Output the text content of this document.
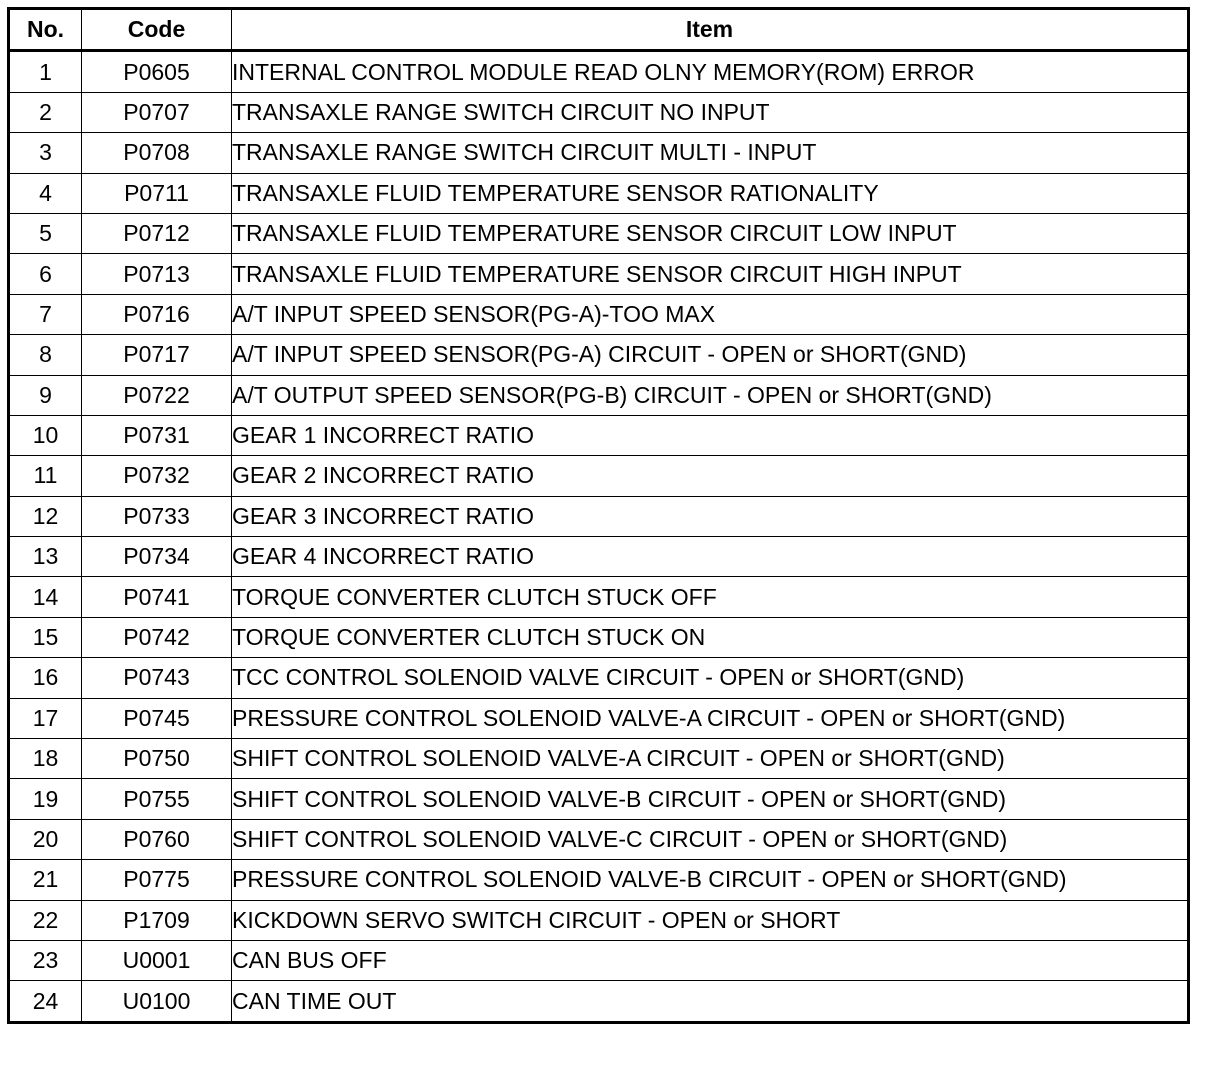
No.	Code	Item
1	P0605	INTERNAL CONTROL MODULE READ OLNY MEMORY(ROM) ERROR
2	P0707	TRANSAXLE RANGE SWITCH CIRCUIT NO INPUT
3	P0708	TRANSAXLE RANGE SWITCH CIRCUIT MULTI - INPUT
4	P0711	TRANSAXLE FLUID TEMPERATURE SENSOR RATIONALITY
5	P0712	TRANSAXLE FLUID TEMPERATURE SENSOR CIRCUIT LOW INPUT
6	P0713	TRANSAXLE FLUID TEMPERATURE SENSOR CIRCUIT HIGH INPUT
7	P0716	A/T INPUT SPEED SENSOR(PG-A)-TOO MAX
8	P0717	A/T INPUT SPEED SENSOR(PG-A) CIRCUIT - OPEN or SHORT(GND)
9	P0722	A/T OUTPUT SPEED SENSOR(PG-B) CIRCUIT - OPEN or SHORT(GND)
10	P0731	GEAR 1 INCORRECT RATIO
11	P0732	GEAR 2 INCORRECT RATIO
12	P0733	GEAR 3 INCORRECT RATIO
13	P0734	GEAR 4 INCORRECT RATIO
14	P0741	TORQUE CONVERTER CLUTCH STUCK OFF
15	P0742	TORQUE CONVERTER CLUTCH STUCK ON
16	P0743	TCC CONTROL SOLENOID VALVE CIRCUIT - OPEN or SHORT(GND)
17	P0745	PRESSURE CONTROL SOLENOID VALVE-A CIRCUIT - OPEN or SHORT(GND)
18	P0750	SHIFT CONTROL SOLENOID VALVE-A CIRCUIT - OPEN or SHORT(GND)
19	P0755	SHIFT CONTROL SOLENOID VALVE-B CIRCUIT - OPEN or SHORT(GND)
20	P0760	SHIFT CONTROL SOLENOID VALVE-C CIRCUIT - OPEN or SHORT(GND)
21	P0775	PRESSURE CONTROL SOLENOID VALVE-B CIRCUIT - OPEN or SHORT(GND)
22	P1709	KICKDOWN SERVO SWITCH CIRCUIT - OPEN or SHORT
23	U0001	CAN BUS OFF
24	U0100	CAN TIME OUT
